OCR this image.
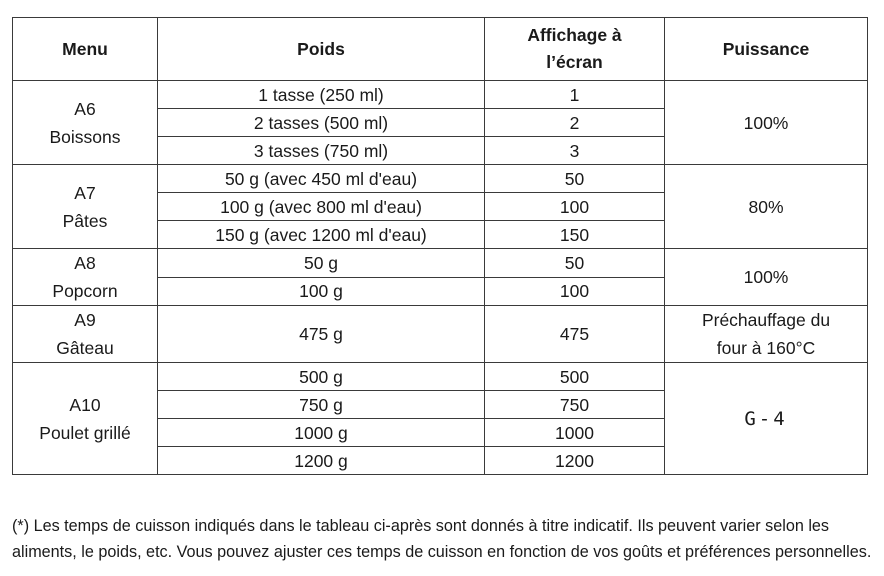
Menu	Poids	Affichage à
l’écran	Puissance
A6
Boissons	1 tasse (250 ml)	1	100%
	2 tasses (500 ml)	2	
	3 tasses (750 ml)	3	
A7
Pâtes	50 g (avec 450 ml d'eau)	50	80%
	100 g (avec 800 ml d'eau)	100	
	150 g (avec 1200 ml d'eau)	150	
A8
Popcorn	50 g	50	100%
	100 g	100	
A9
Gâteau	475 g	475	Préchauffage du
four à 160°C
A10
Poulet grillé	500 g	500	G-4
	750 g	750	
	1000 g	1000	
	1200 g	1200	

(*) Les temps de cuisson indiqués dans le tableau ci-après sont donnés à titre indicatif. Ils peuvent varier selon les aliments, le poids, etc. Vous pouvez ajuster ces temps de cuisson en fonction de vos goûts et préférences personnelles.
